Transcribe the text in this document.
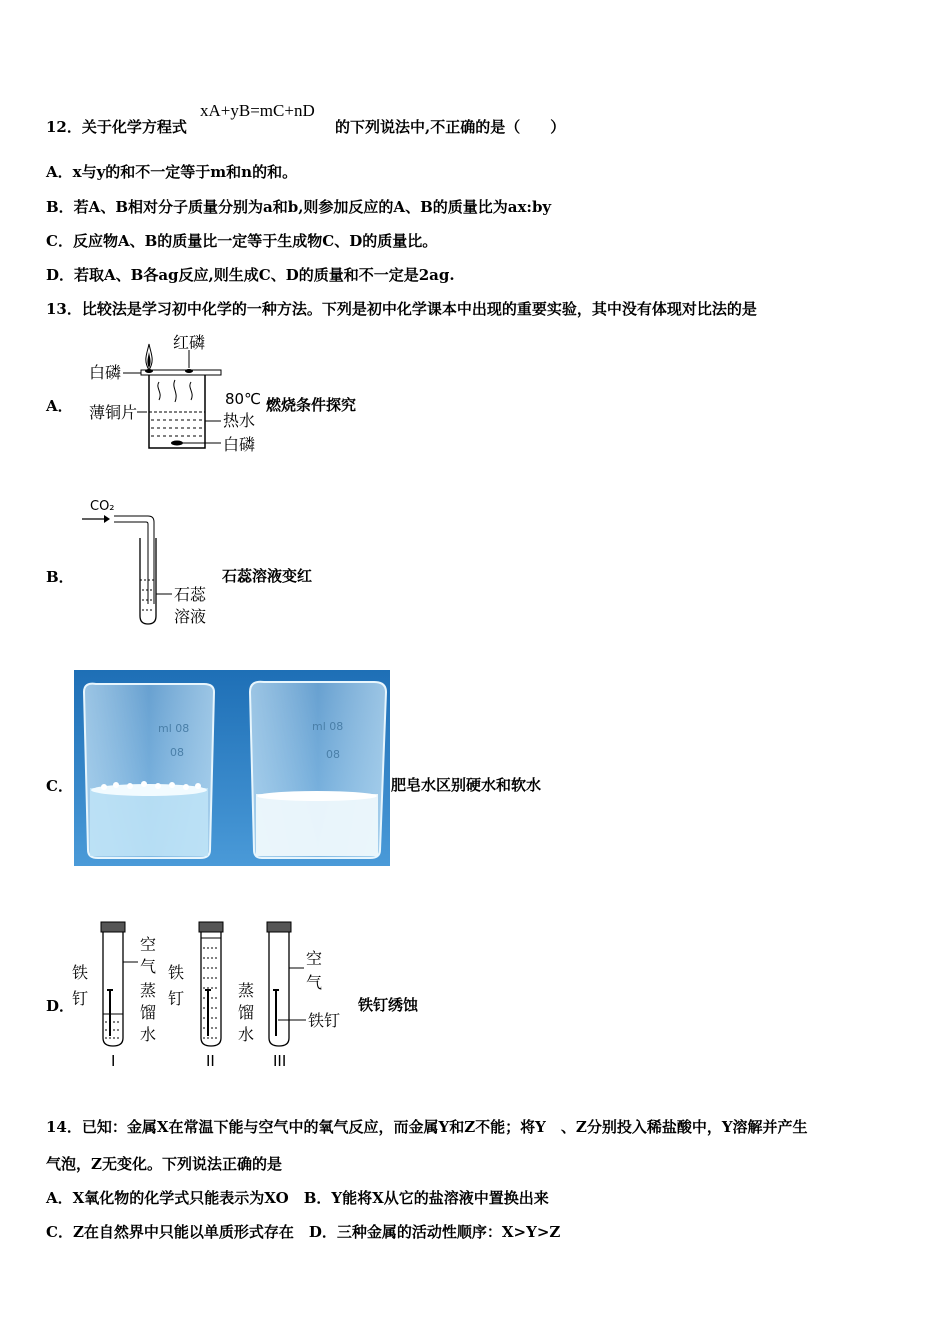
12．关于化学方程式
xA+yB=mC+nD
的下列说法中,不正确的是（　　）
A．x与y的和不一定等于m和n的和。
B．若A、B相对分子质量分别为a和b,则参加反应的A、B的质量比为ax:by
C．反应物A、B的质量比一定等于生成物C、D的质量比。
D．若取A、B各ag反应,则生成C、D的质量和不一定是2ag.
13．比较法是学习初中化学的一种方法。下列是初中化学课本中出现的重要实验，其中没有体现对比法的是
A．
红磷
白磷
薄铜片
80℃
热水
白磷
燃烧条件探究
B．
CO₂
石蕊
溶液
石蕊溶液变红
C．
ml 08
08
ml 08
08
肥皂水区别硬水和软水
D．
铁
钉
空
气
蒸
馏
水
I
铁
钉	蒸
馏
水
II
空
气
铁钉
III
铁钉绣蚀
14．已知：金属X在常温下能与空气中的氧气反应，而金属Y和Z不能；将Y　、Z分别投入稀盐酸中，Y溶解并产生
气泡，Z无变化。下列说法正确的是
A．X氧化物的化学式只能表示为XO　B．Y能将X从它的盐溶液中置换出来
C．Z在自然界中只能以单质形式存在　D．三种金属的活动性顺序：X>Y>Z
